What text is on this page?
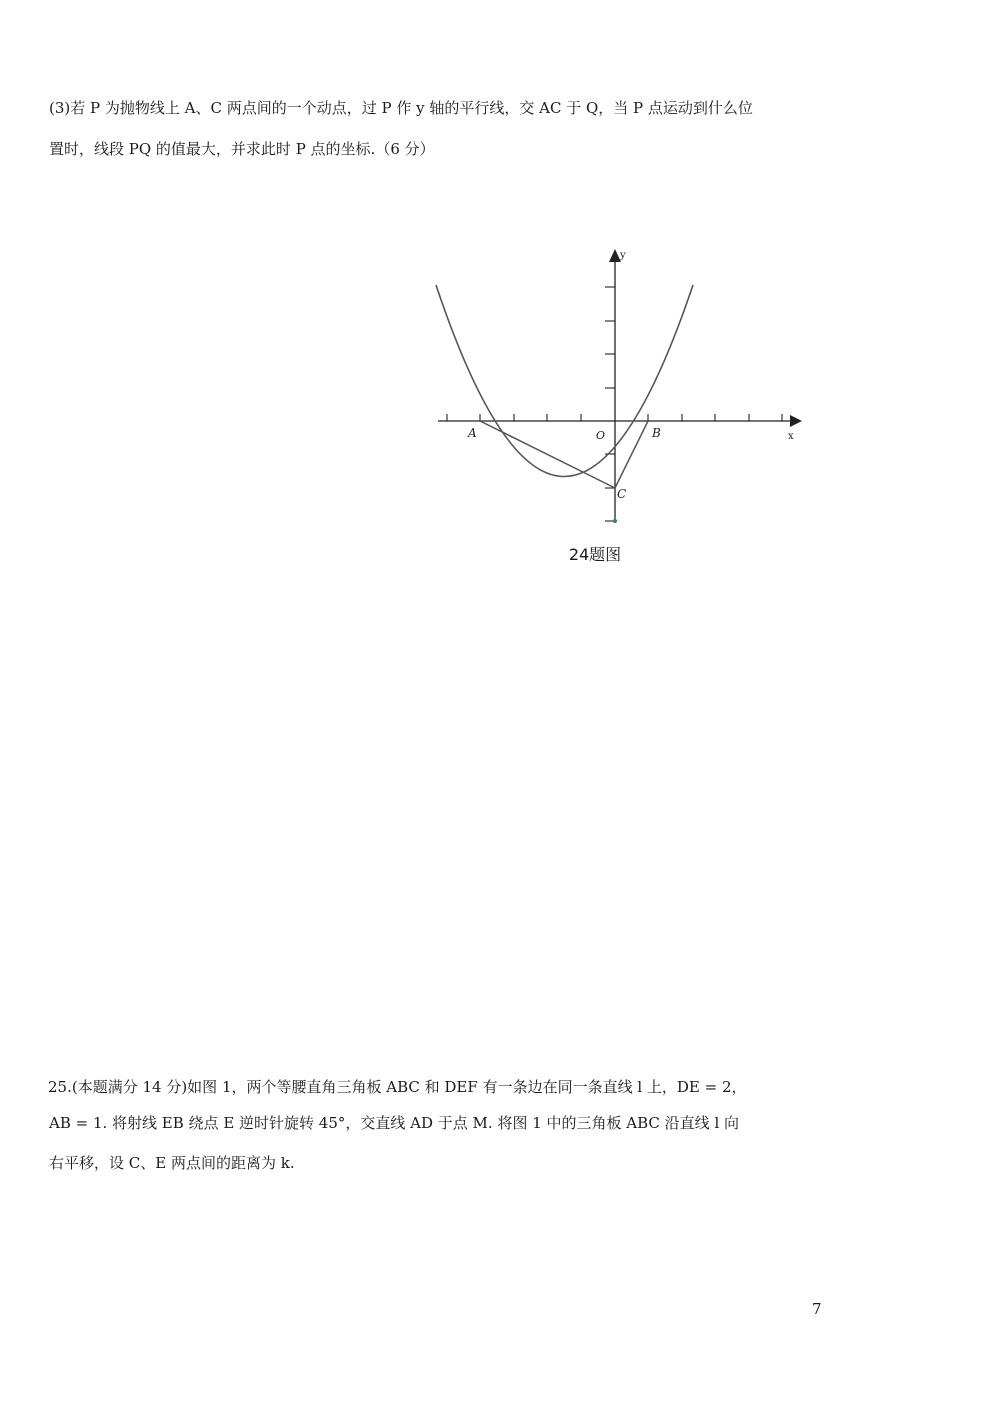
(3)若 P 为抛物线上 A、C 两点间的一个动点，过 P 作 y 轴的平行线，交 AC 于 Q，当 P 点运动到什么位
置时，线段 PQ 的值最大，并求此时 P 点的坐标.（6 分）
A	B
C
O	x
y
24题图
25.(本题满分 14 分)如图 1，两个等腰直角三角板 ABC 和 DEF 有一条边在同一条直线 l 上，DE = 2，
AB = 1. 将射线 EB 绕点 E 逆时针旋转 45°，交直线 AD 于点 M. 将图 1 中的三角板 ABC 沿直线 l 向
右平移，设 C、E 两点间的距离为 k.
7
